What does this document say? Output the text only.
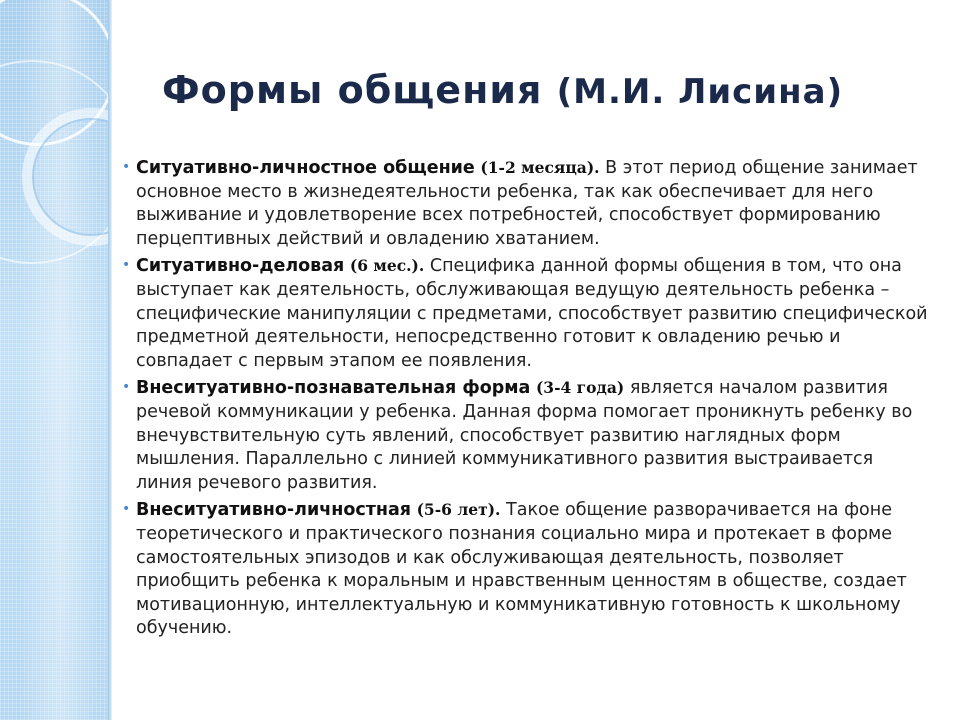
Формы общения (М.И. Лисина)
• Ситуативно-личностное общение (1-2 месяца). В этот период общение занимает основное место в жизнедеятельности ребенка, так как обеспечивает для него выживание и удовлетворение всех потребностей, способствует формированию перцептивных действий и овладению хватанием.
• Ситуативно-деловая (6 мес.). Специфика данной формы общения в том, что она выступает как деятельность, обслуживающая ведущую деятельность ребенка – специфические манипуляции с предметами, способствует развитию специфической предметной деятельности, непосредственно готовит к овладению речью и совпадает с первым этапом ее появления.
• Внеситуативно-познавательная форма (3-4 года) является началом развития речевой коммуникации у ребенка. Данная форма помогает проникнуть ребенку во внечувствительную суть явлений, способствует развитию наглядных форм мышления. Параллельно с линией коммуникативного развития выстраивается линия речевого развития.
• Внеситуативно-личностная (5-6 лет). Такое общение разворачивается на фоне теоретического и практического познания социально мира и протекает в форме самостоятельных эпизодов и как обслуживающая деятельность, позволяет приобщить ребенка к моральным и нравственным ценностям в обществе, создает мотивационную, интеллектуальную и коммуникативную готовность к школьному обучению.
